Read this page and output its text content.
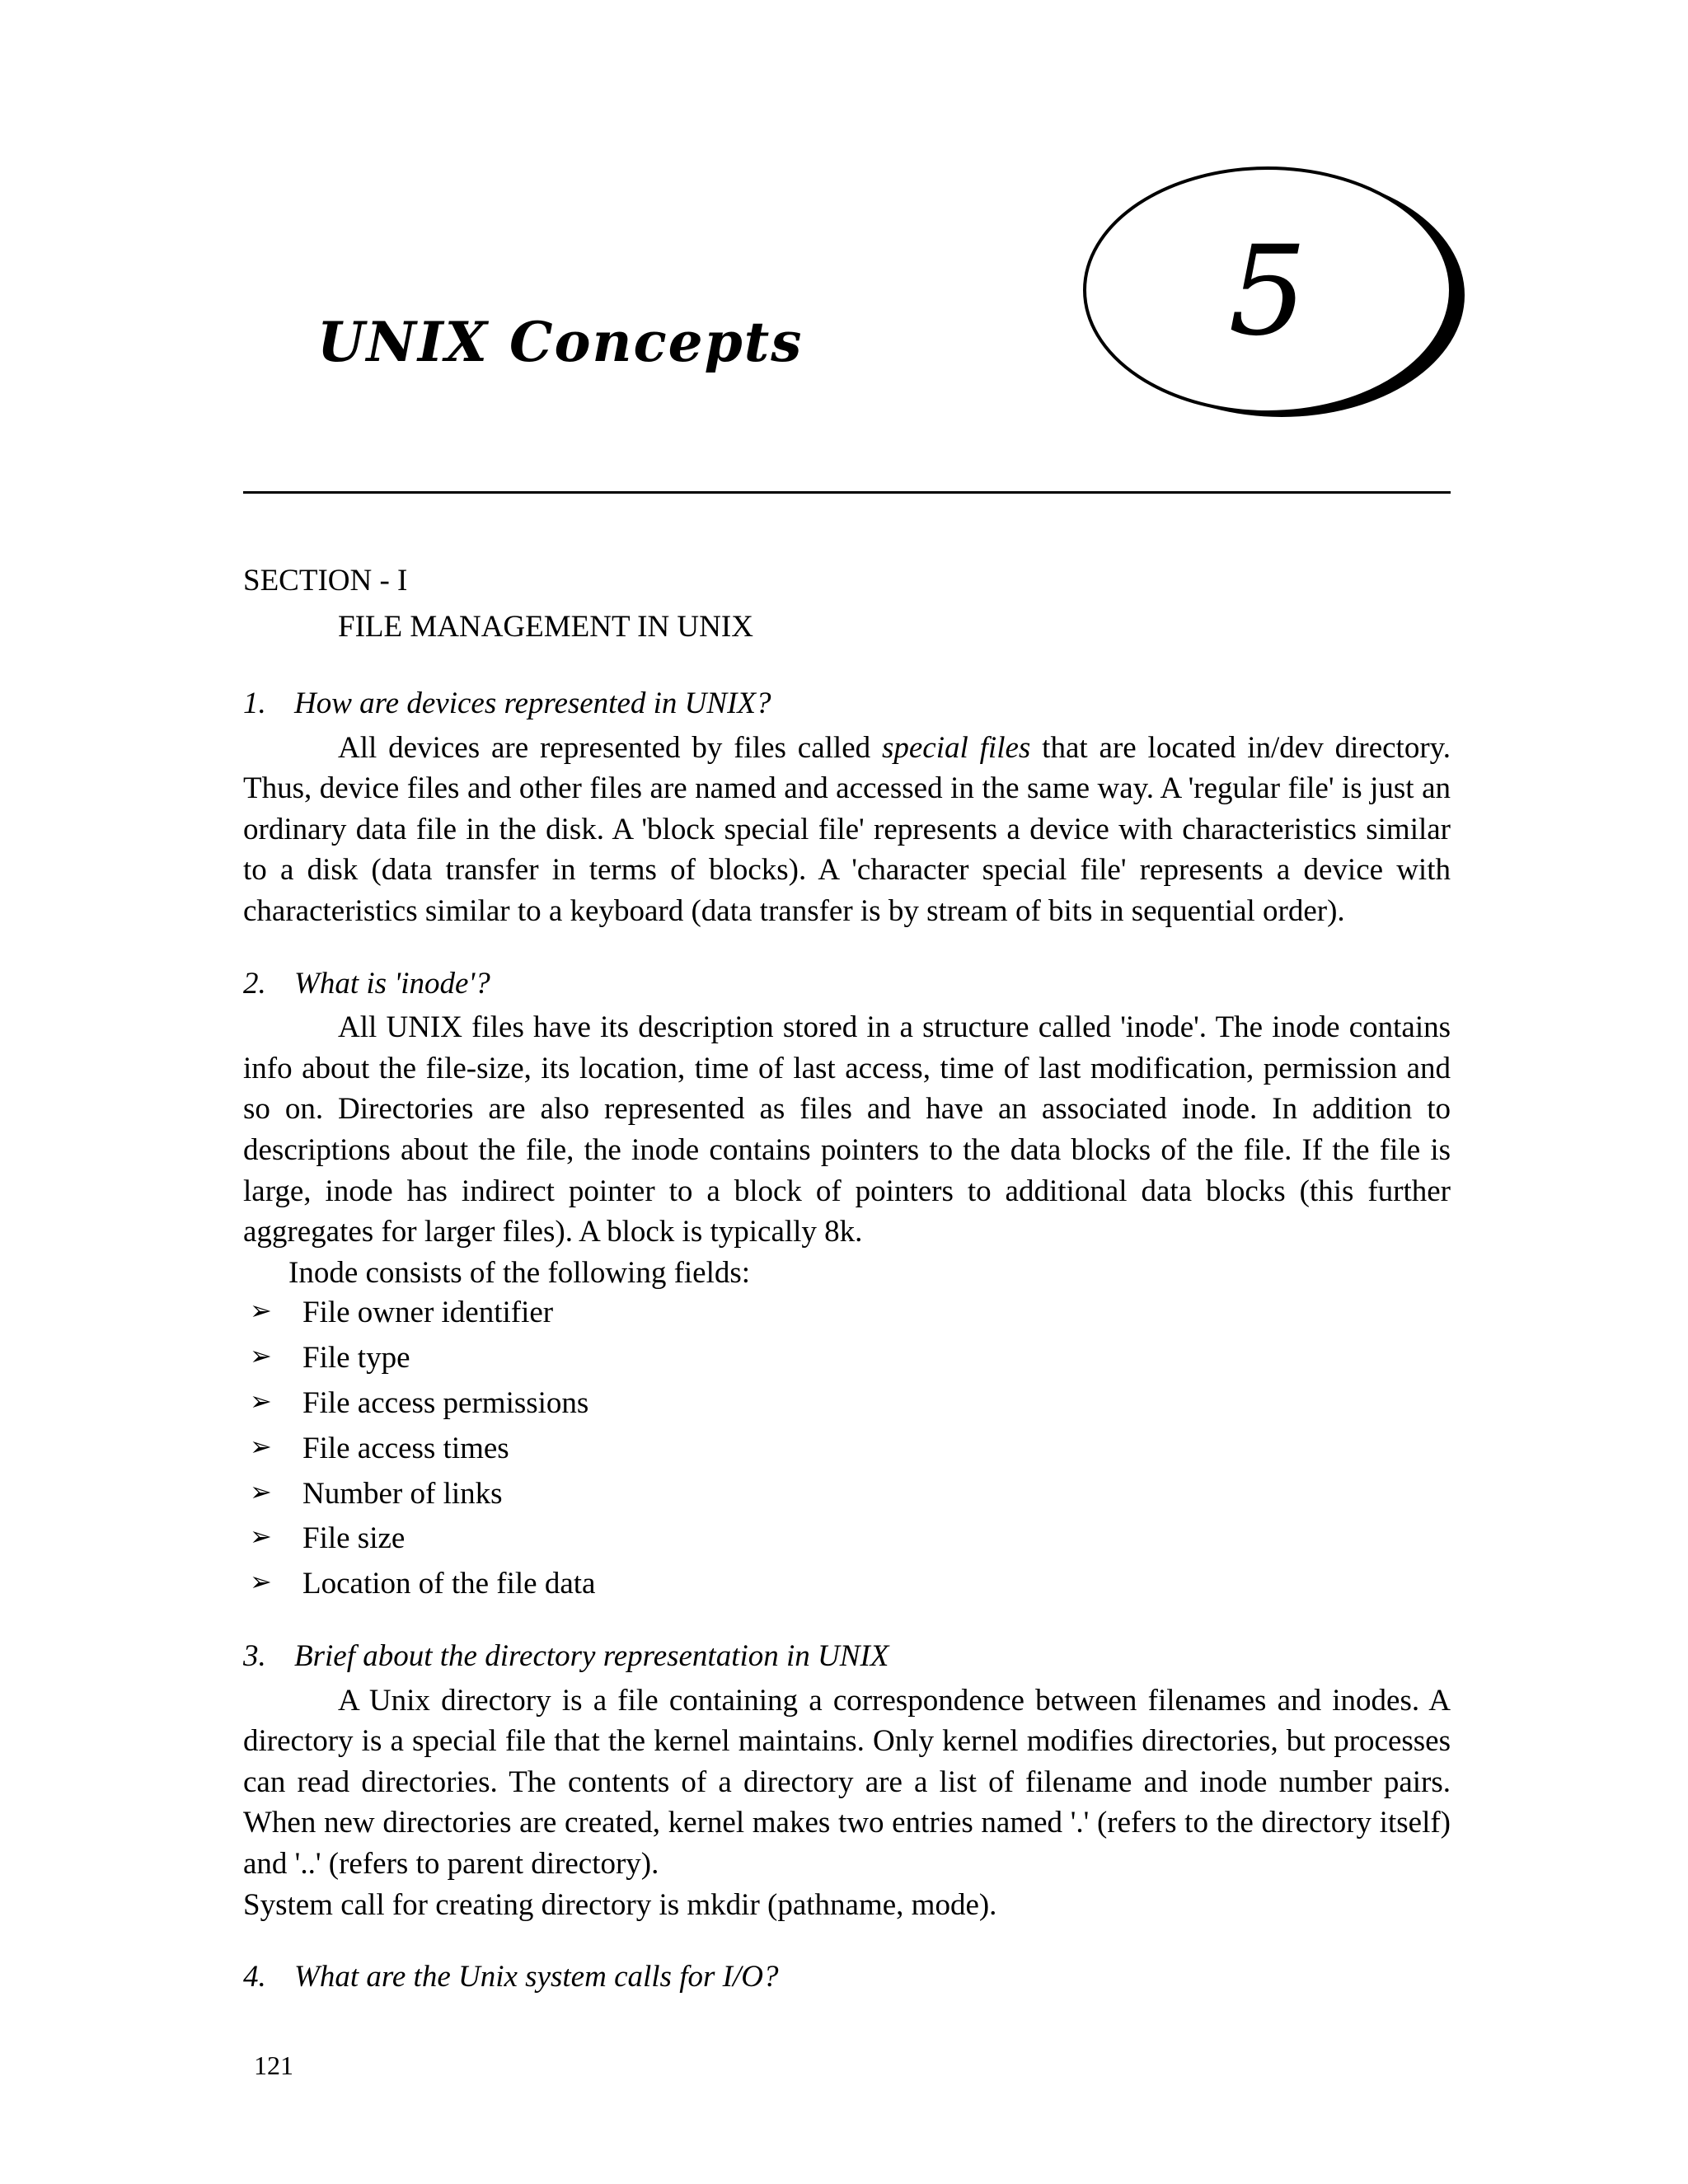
UNIX Concepts	5

SECTION - I

FILE MANAGEMENT IN UNIX

1. How are devices represented in UNIX?

All devices are represented by files called special files that are located in/dev directory. Thus, device files and other files are named and accessed in the same way. A 'regular file' is just an ordinary data file in the disk. A 'block special file' represents a device with characteristics similar to a disk (data transfer in terms of blocks). A 'character special file' represents a device with characteristics similar to a keyboard (data transfer is by stream of bits in sequential order).

2. What is 'inode'?

All UNIX files have its description stored in a structure called 'inode'. The inode contains info about the file-size, its location, time of last access, time of last modification, permission and so on. Directories are also represented as files and have an associated inode. In addition to descriptions about the file, the inode contains pointers to the data blocks of the file. If the file is large, inode has indirect pointer to a block of pointers to additional data blocks (this further aggregates for larger files). A block is typically 8k.

Inode consists of the following fields:

➢ File owner identifier
➢ File type
➢ File access permissions
➢ File access times
➢ Number of links
➢ File size
➢ Location of the file data
3. Brief about the directory representation in UNIX

A Unix directory is a file containing a correspondence between filenames and inodes. A directory is a special file that the kernel maintains. Only kernel modifies directories, but processes can read directories. The contents of a directory are a list of filename and inode number pairs. When new directories are created, kernel makes two entries named '.' (refers to the directory itself) and '..' (refers to parent directory).

System call for creating directory is mkdir (pathname, mode).

4. What are the Unix system calls for I/O?
121
